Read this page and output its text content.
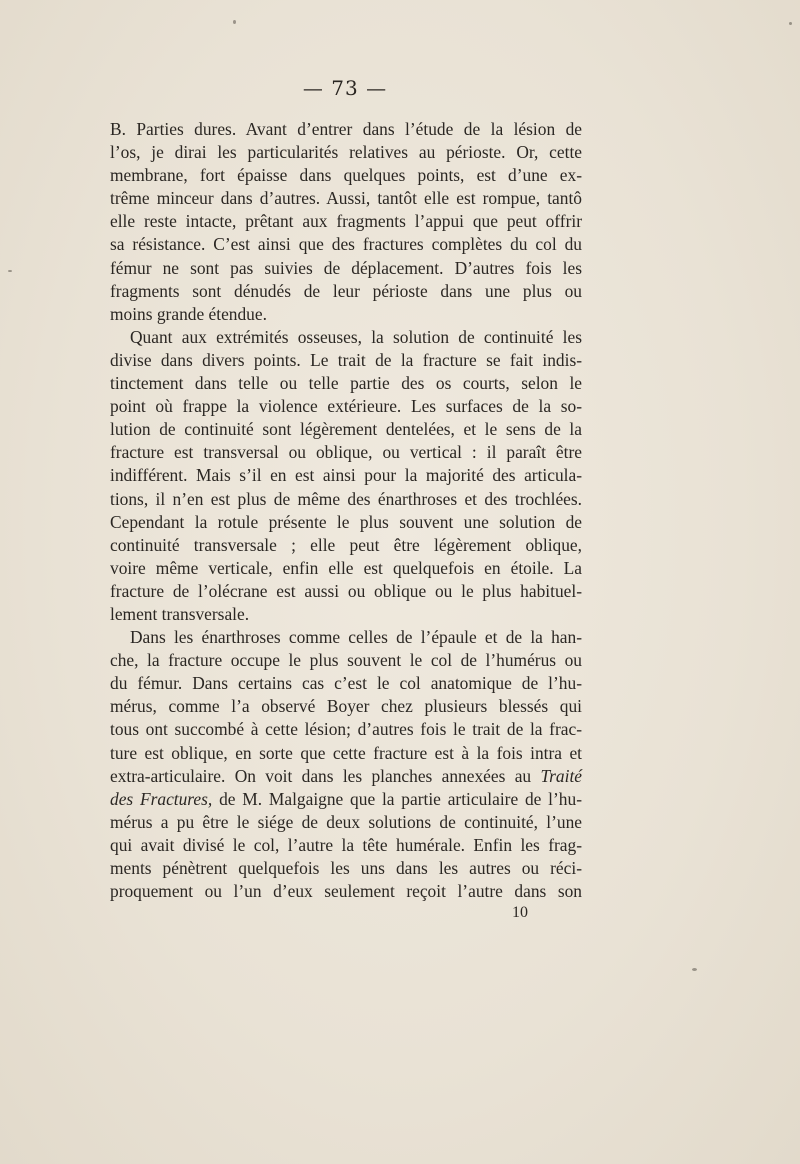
— 73 —
B. Parties dures. Avant d’entrer dans l’étude de la lésion de
l’os, je dirai les particularités relatives au périoste. Or, cette
membrane, fort épaisse dans quelques points, est d’une ex-
trême minceur dans d’autres. Aussi, tantôt elle est rompue, tantô
elle reste intacte, prêtant aux fragments l’appui que peut offrir
sa résistance. C’est ainsi que des fractures complètes du col du
fémur ne sont pas suivies de déplacement. D’autres fois les
fragments sont dénudés de leur périoste dans une plus ou
moins grande étendue.
Quant aux extrémités osseuses, la solution de continuité les
divise dans divers points. Le trait de la fracture se fait indis-
tinctement dans telle ou telle partie des os courts, selon le
point où frappe la violence extérieure. Les surfaces de la so-
lution de continuité sont légèrement dentelées, et le sens de la
fracture est transversal ou oblique, ou vertical : il paraît être
indifférent. Mais s’il en est ainsi pour la majorité des articula-
tions, il n’en est plus de même des énarthroses et des trochlées.
Cependant la rotule présente le plus souvent une solution de
continuité transversale ; elle peut être légèrement oblique,
voire même verticale, enfin elle est quelquefois en étoile. La
fracture de l’olécrane est aussi ou oblique ou le plus habituel-
lement transversale.
Dans les énarthroses comme celles de l’épaule et de la han-
che, la fracture occupe le plus souvent le col de l’humérus ou
du fémur. Dans certains cas c’est le col anatomique de l’hu-
mérus, comme l’a observé Boyer chez plusieurs blessés qui
tous ont succombé à cette lésion; d’autres fois le trait de la frac-
ture est oblique, en sorte que cette fracture est à la fois intra et
extra-articulaire. On voit dans les planches annexées au Traité
des Fractures, de M. Malgaigne que la partie articulaire de l’hu-
mérus a pu être le siége de deux solutions de continuité, l’une
qui avait divisé le col, l’autre la tête humérale. Enfin les frag-
ments pénètrent quelquefois les uns dans les autres ou réci-
proquement ou l’un d’eux seulement reçoit l’autre dans son
10
